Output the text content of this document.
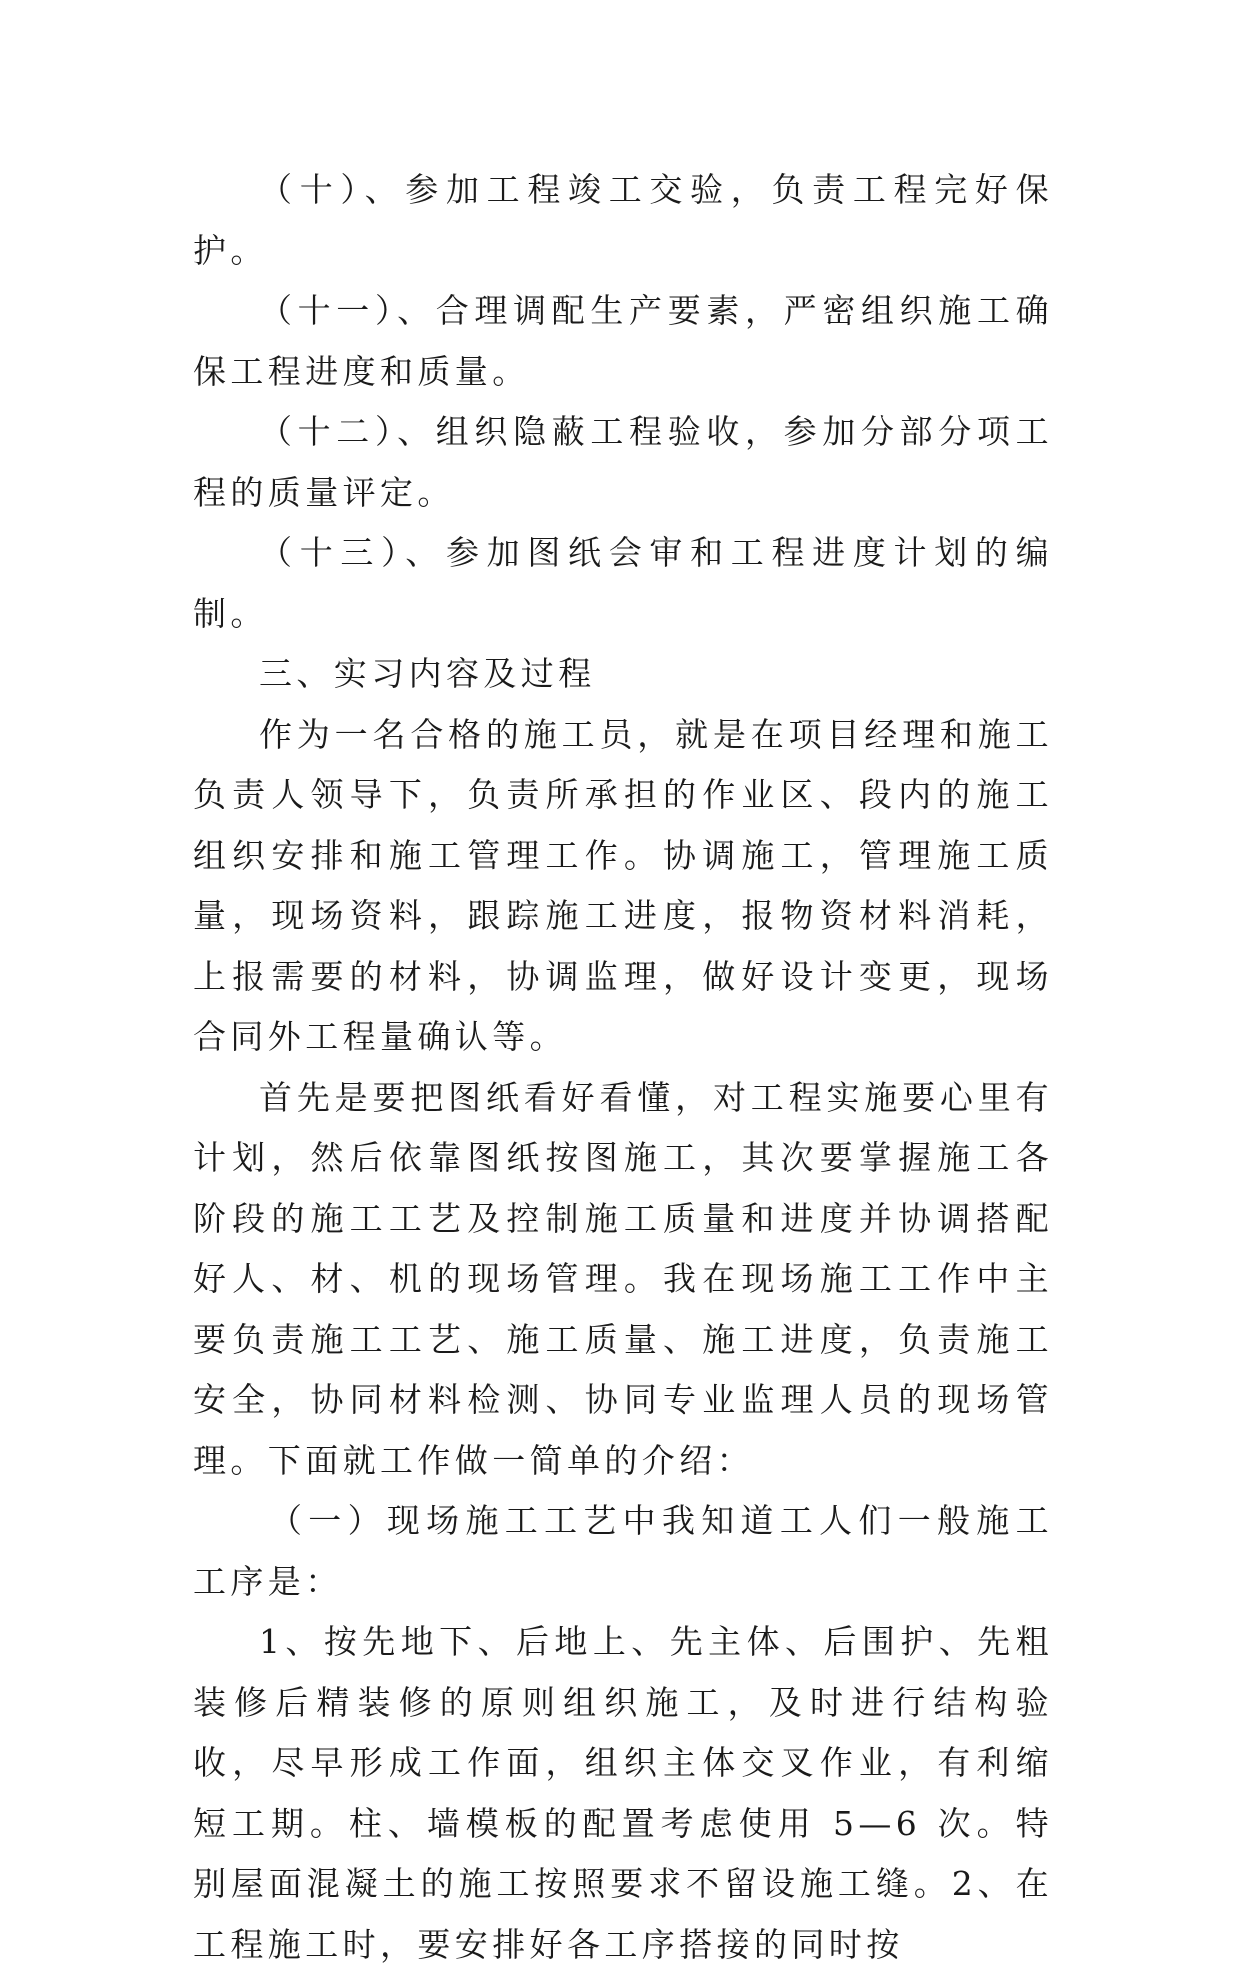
（十）、参加工程竣工交验，负责工程完好保护。

（十一）、合理调配生产要素，严密组织施工确保工程进度和质量。

（十二）、组织隐蔽工程验收，参加分部分项工程的质量评定。

（十三）、参加图纸会审和工程进度计划的编制。

三、实习内容及过程

作为一名合格的施工员，就是在项目经理和施工负责人领导下，负责所承担的作业区、段内的施工组织安排和施工管理工作。协调施工，管理施工质量，现场资料，跟踪施工进度，报物资材料消耗，上报需要的材料，协调监理，做好设计变更，现场合同外工程量确认等。

首先是要把图纸看好看懂，对工程实施要心里有计划，然后依靠图纸按图施工，其次要掌握施工各阶段的施工工艺及控制施工质量和进度并协调搭配好人、材、机的现场管理。我在现场施工工作中主要负责施工工艺、施工质量、施工进度，负责施工安全，协同材料检测、协同专业监理人员的现场管理。下面就工作做一简单的介绍：

（一）现场施工工艺中我知道工人们一般施工工序是：

1、按先地下、后地上、先主体、后围护、先粗装修后精装修的原则组织施工，及时进行结构验收，尽早形成工作面，组织主体交叉作业，有利缩短工期。柱、墙模板的配置考虑使用 5—6 次。特别屋面混凝土的施工按照要求不留设施工缝。2、在工程施工时，要安排好各工序搭接的同时按
